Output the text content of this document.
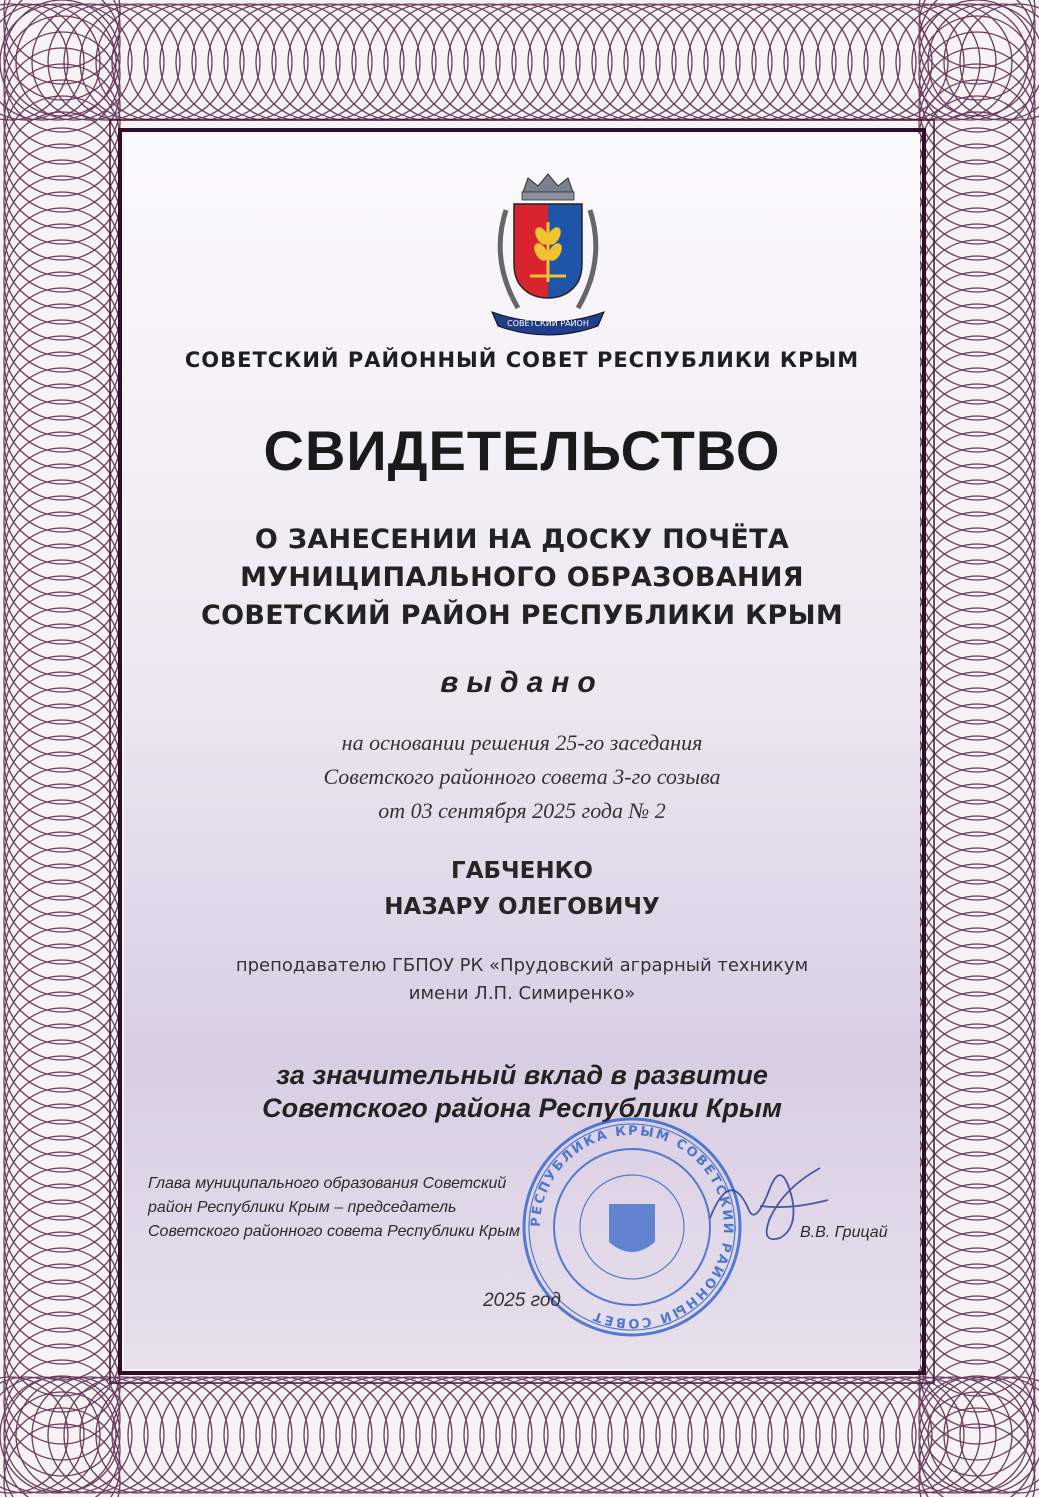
СОВЕТСКИЙ РАЙОН
СОВЕТСКИЙ РАЙОННЫЙ СОВЕТ РЕСПУБЛИКИ КРЫМ
СВИДЕТЕЛЬСТВО
О ЗАНЕСЕНИИ НА ДОСКУ ПОЧЁТА
МУНИЦИПАЛЬНОГО ОБРАЗОВАНИЯ
СОВЕТСКИЙ РАЙОН РЕСПУБЛИКИ КРЫМ
выдано
на основании решения 25-го заседания
Советского районного совета 3-го созыва
от 03 сентября 2025 года № 2
ГАБЧЕНКО
НАЗАРУ ОЛЕГОВИЧУ
преподавателю ГБПОУ РК «Прудовский аграрный техникум
имени Л.П. Симиренко»
за значительный вклад в развитие
Советского района Республики Крым
Глава муниципального образования Советский
район Республики Крым – председатель
Советского районного совета Республики Крым	В.В. Грицай
РЕСПУБЛИКА КРЫМ СОВЕТСКИЙ РАЙОННЫЙ СОВЕТ
2025 год
